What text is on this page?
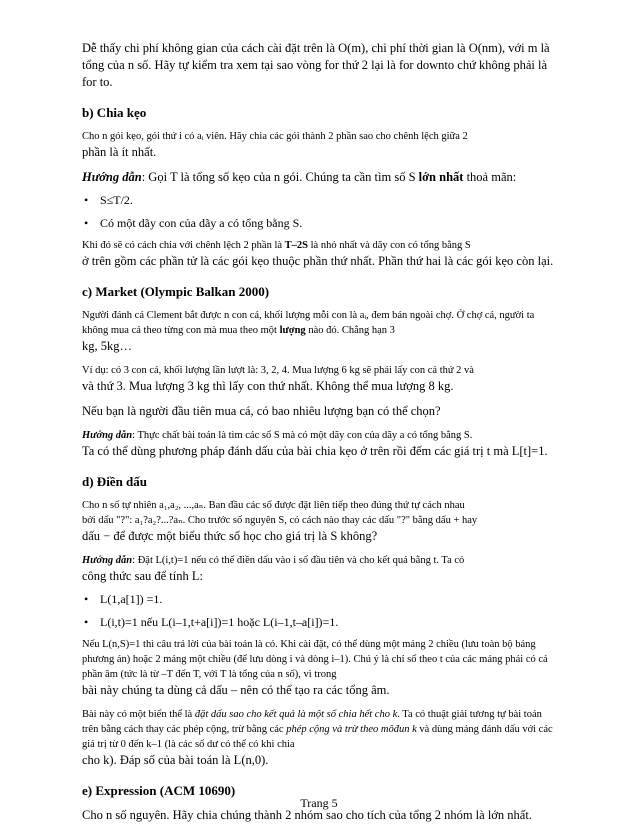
Dễ thấy chi phí không gian của cách cài đặt trên là O(m), chi phí thời gian là O(nm), với m là tổng của n số. Hãy tự kiểm tra xem tại sao vòng for thứ 2 lại là for downto chứ không phải là
for to.

b) Chia kẹo

Cho n gói kẹo, gói thứ i có aᵢ viên. Hãy chia các gói thành 2 phần sao cho chênh lệch giữa 2

phần là ít nhất.

Hướng dẫn: Gọi T là tổng số kẹo của n gói. Chúng ta cần tìm số S lớn nhất thoả mãn:

• S≤T/2.
• Có một dãy con của dãy a có tổng bằng S.

Khi đó sẽ có cách chia với chênh lệch 2 phần là T–2S là nhỏ nhất và dãy con có tổng bằng S

ở trên gồm các phần tử là các gói kẹo thuộc phần thứ nhất. Phần thứ hai là các gói kẹo còn lại.

c) Market (Olympic Balkan 2000)

Người đánh cá Clement bắt được n con cá, khối lượng mỗi con là aᵢ, đem bán ngoài chợ. Ở chợ cá, người ta không mua cá theo từng con mà mua theo một lượng nào đó. Chẳng hạn 3

kg, 5kg…

Ví dụ: có 3 con cá, khối lượng lần lượt là: 3, 2, 4. Mua lượng 6 kg sẽ phải lấy con cá thứ 2 và

và thứ 3. Mua lượng 3 kg thì lấy con thứ nhất. Không thể mua lượng 8 kg.

Nếu bạn là người đầu tiên mua cá, có bao nhiêu lượng bạn có thể chọn?

Hướng dẫn: Thực chất bài toán là tìm các số S mà có một dãy con của dãy a có tổng bằng S.

Ta có thể dùng phương pháp đánh dấu của bài chia kẹo ở trên rồi đếm các giá trị t mà L[t]=1.

d) Điền dấu

Cho n số tự nhiên a₁,a₂, ...,aₙ. Ban đầu các số được đặt liên tiếp theo đúng thứ tự cách nhau

bởi dấu "?": a₁?a₂?...?aₙ. Cho trước số nguyên S, có cách nào thay các dấu "?" bằng dấu + hay

dấu − để được một biểu thức số học cho giá trị là S không?

Hướng dẫn: Đặt L(i,t)=1 nếu có thể điền dấu vào i số đầu tiên và cho kết quả bằng t. Ta có

công thức sau để tính L:

• L(1,a[1]) =1.
• L(i,t)=1 nếu L(i–1,t+a[i])=1 hoặc L(i–1,t–a[i])=1.

Nếu L(n,S)=1 thì câu trả lời của bài toán là có. Khi cài đặt, có thể dùng một mảng 2 chiều (lưu toàn bộ bảng phương án) hoặc 2 mảng một chiều (để lưu dòng i và dòng i–1). Chú ý là chỉ số theo t của các mảng phải có cả phần âm (tức là từ –T đến T, với T là tổng của n số), vì trong

bài này chúng ta dùng cả dấu – nên có thể tạo ra các tổng âm.

Bài này có một biến thể là đặt dấu sao cho kết quả là một số chia hết cho k. Ta có thuật giải tương tự bài toán trên bằng cách thay các phép cộng, trừ bằng các phép cộng và trừ theo môđun k và dùng mảng đánh dấu với các giá trị từ 0 đến k–1 (là các số dư có thể có khi chia

cho k). Đáp số của bài toán là L(n,0).

e) Expression (ACM 10690)

Cho n số nguyên. Hãy chia chúng thành 2 nhóm sao cho tích của tổng 2 nhóm là lớn nhất.

Trang 5
